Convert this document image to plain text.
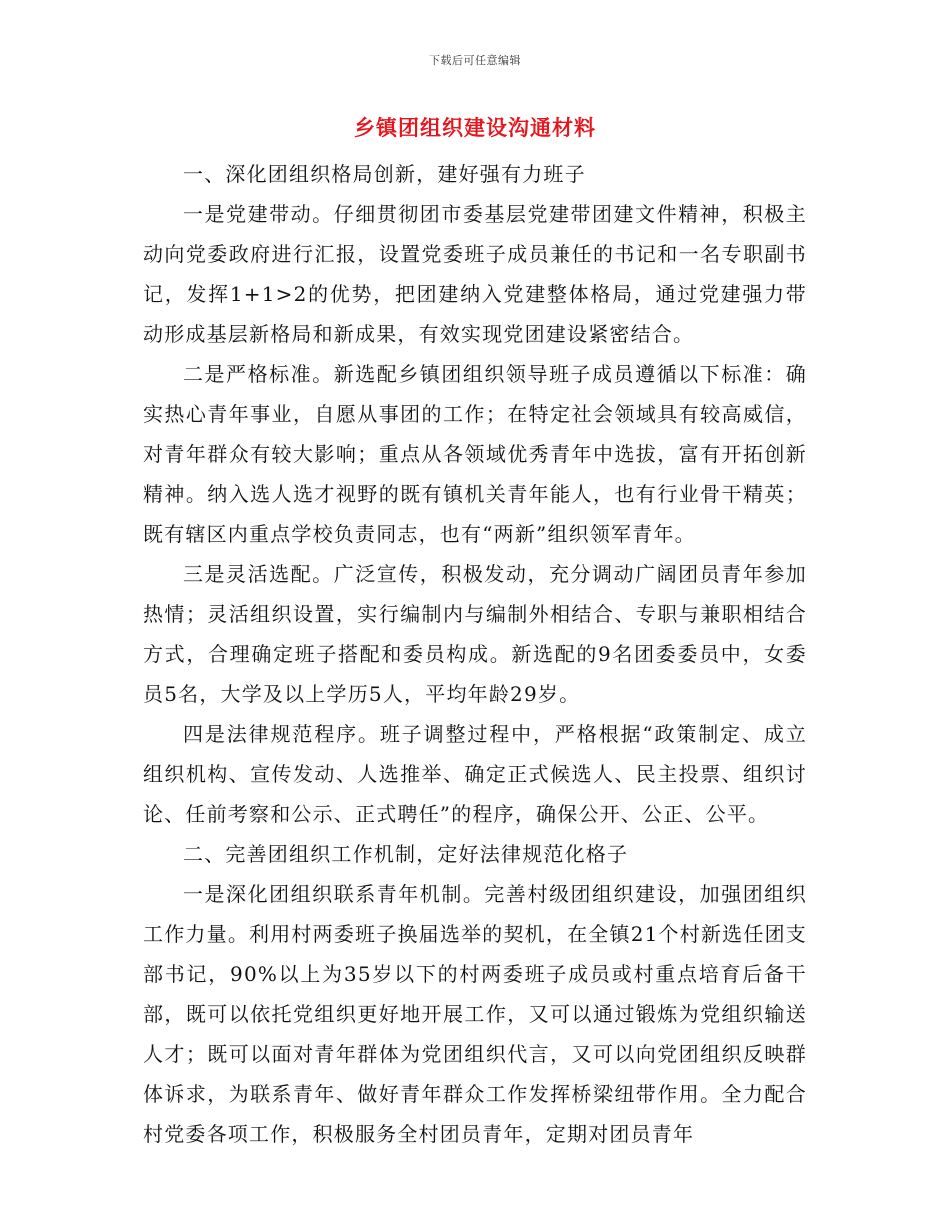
下载后可任意编辑
乡镇团组织建设沟通材料

一、深化团组织格局创新，建好强有力班子

一是党建带动。仔细贯彻团市委基层党建带团建文件精神，积极主动向党委政府进行汇报，设置党委班子成员兼任的书记和一名专职副书记，发挥1+1>2的优势，把团建纳入党建整体格局，通过党建强力带动形成基层新格局和新成果，有效实现党团建设紧密结合。

二是严格标准。新选配乡镇团组织领导班子成员遵循以下标准：确实热心青年事业，自愿从事团的工作；在特定社会领域具有较高威信，对青年群众有较大影响；重点从各领域优秀青年中选拔，富有开拓创新精神。纳入选人选才视野的既有镇机关青年能人，也有行业骨干精英；既有辖区内重点学校负责同志，也有“两新”组织领军青年。

三是灵活选配。广泛宣传，积极发动，充分调动广阔团员青年参加热情；灵活组织设置，实行编制内与编制外相结合、专职与兼职相结合方式，合理确定班子搭配和委员构成。新选配的9名团委委员中，女委员5名，大学及以上学历5人，平均年龄29岁。

四是法律规范程序。班子调整过程中，严格根据“政策制定、成立组织机构、宣传发动、人选推举、确定正式候选人、民主投票、组织讨论、任前考察和公示、正式聘任”的程序，确保公开、公正、公平。

二、完善团组织工作机制，定好法律规范化格子

一是深化团组织联系青年机制。完善村级团组织建设，加强团组织工作力量。利用村两委班子换届选举的契机，在全镇21个村新选任团支部书记，90%以上为35岁以下的村两委班子成员或村重点培育后备干部，既可以依托党组织更好地开展工作，又可以通过锻炼为党组织输送人才；既可以面对青年群体为党团组织代言，又可以向党团组织反映群体诉求，为联系青年、做好青年群众工作发挥桥梁纽带作用。全力配合村党委各项工作，积极服务全村团员青年，定期对团员青年
